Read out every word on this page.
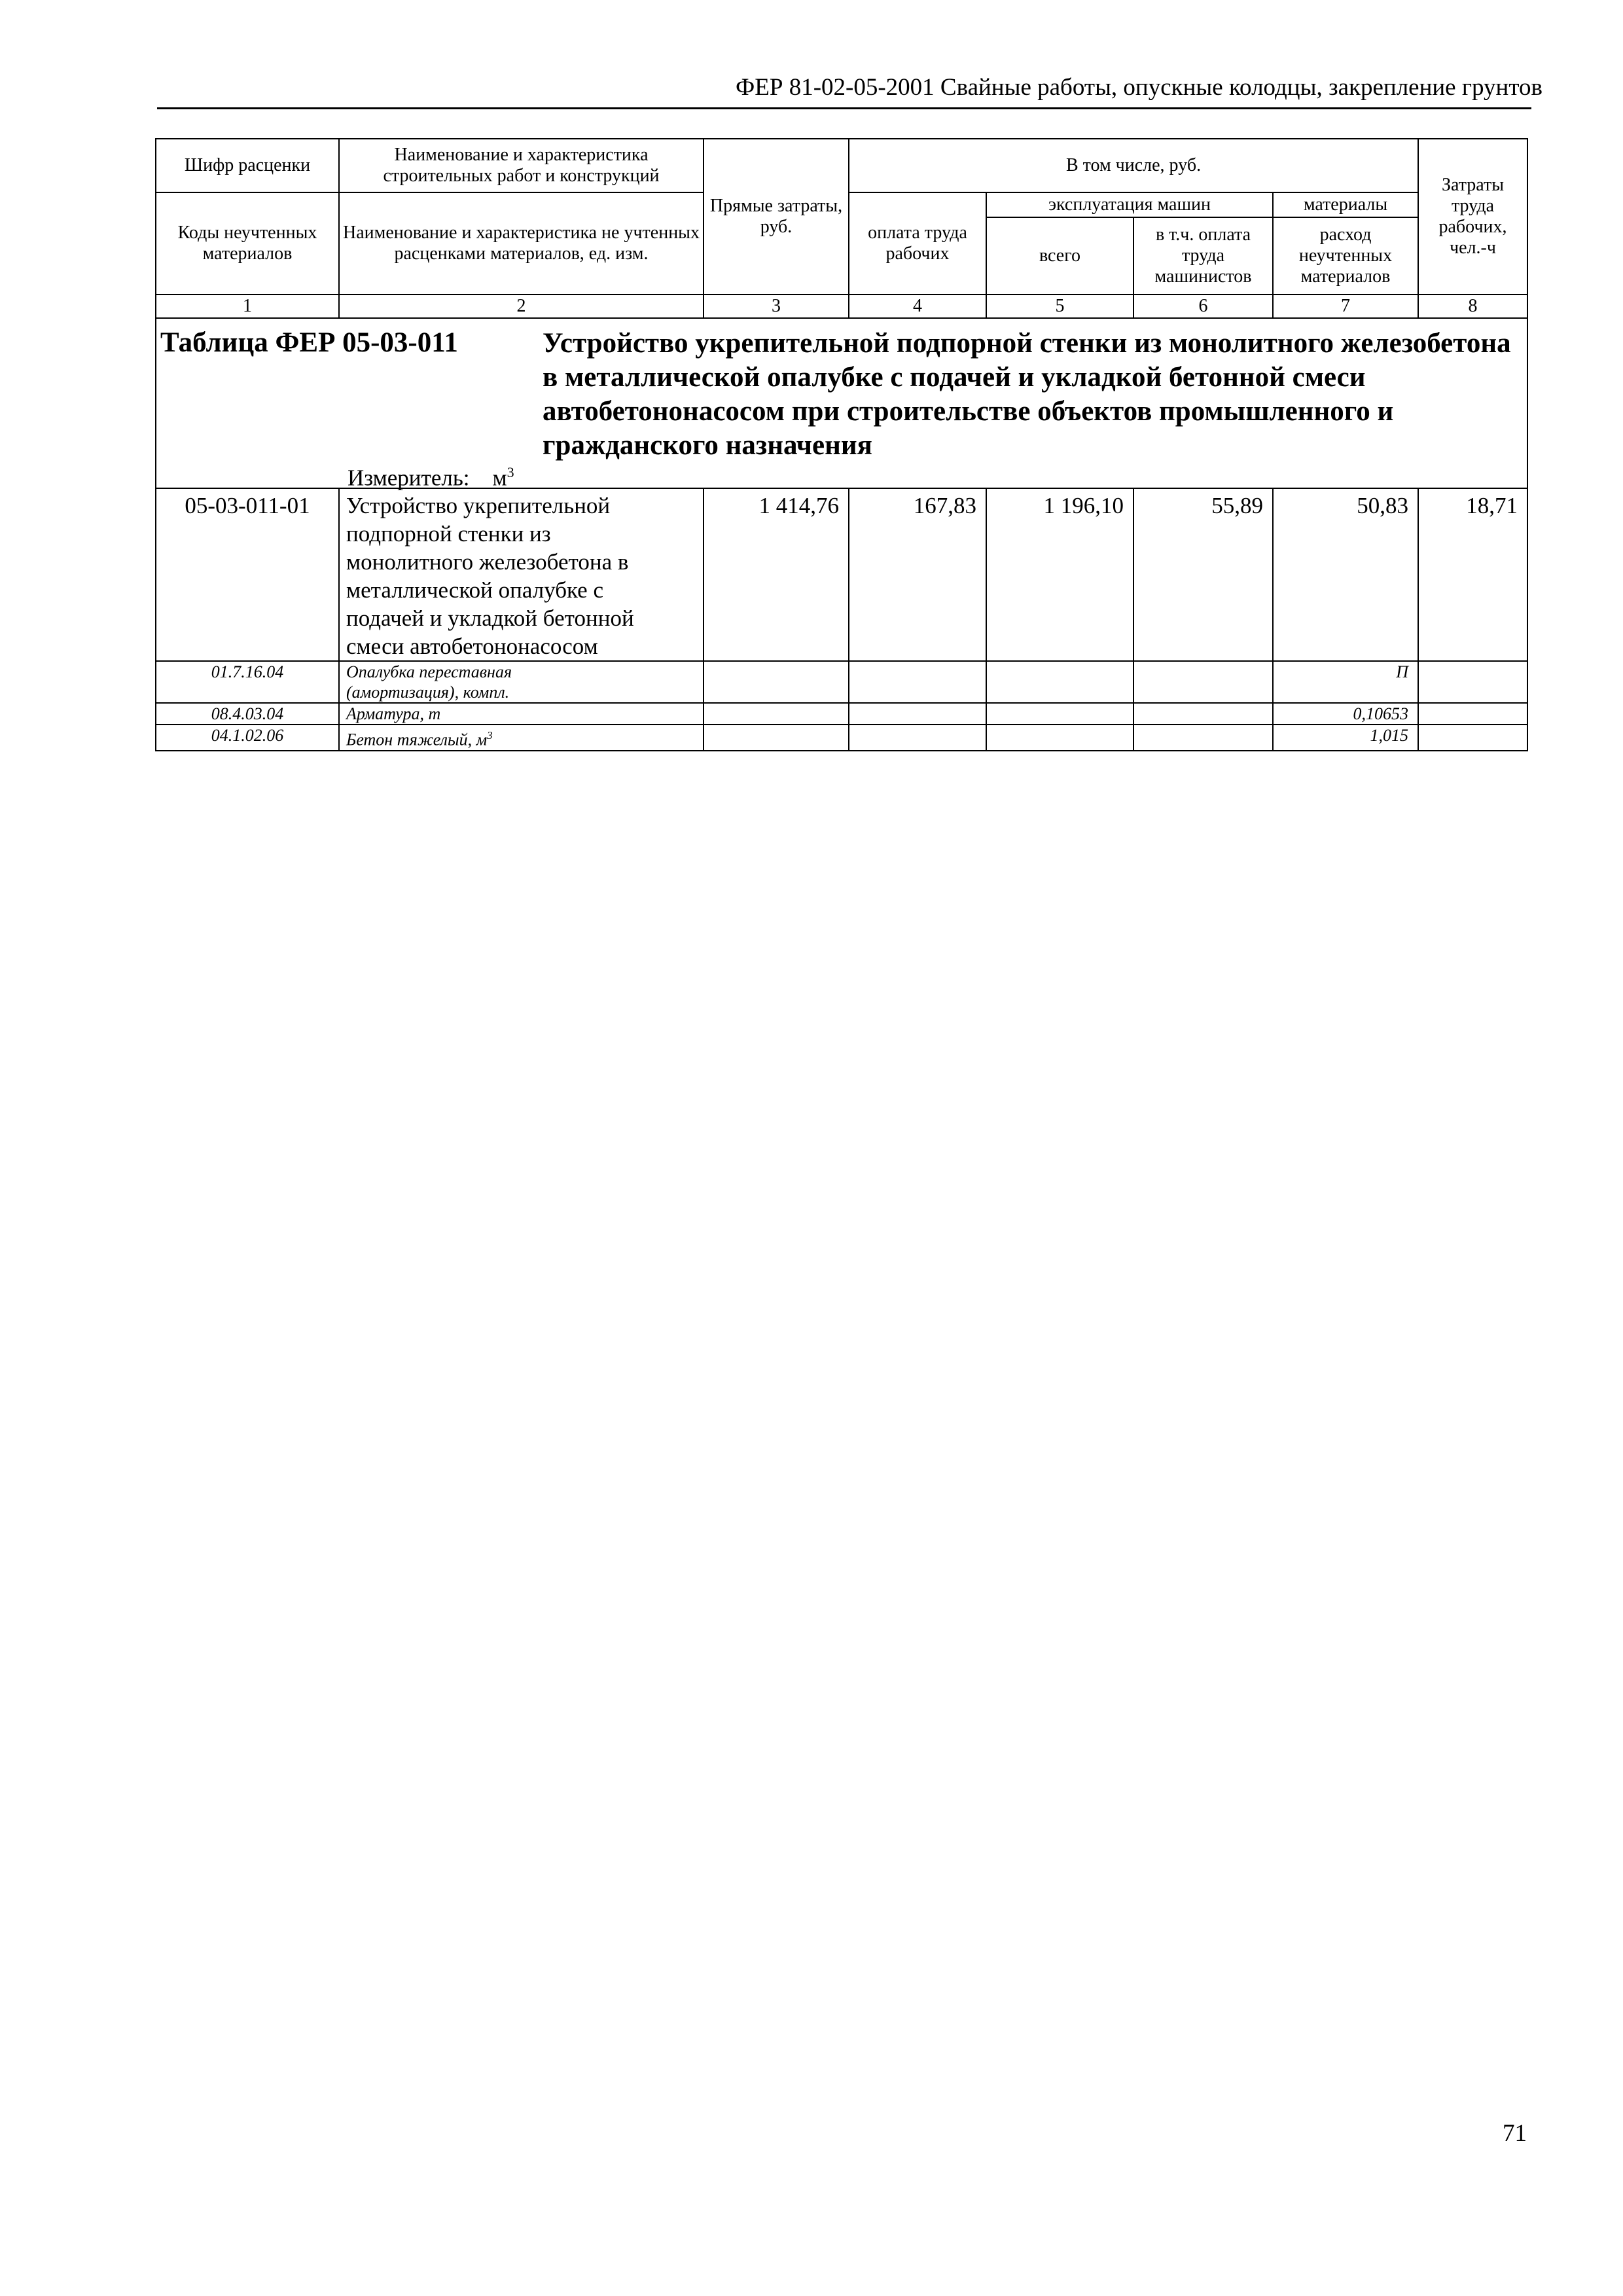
ФЕР 81-02-05-2001 Свайные работы, опускные колодцы, закрепление грунтов
Шифр расценки	Наименование и характеристика строительных работ и конструкций	Прямые затраты, руб.	В том числе, руб.				Затраты труда рабочих, чел.-ч
Коды неучтенных материалов	Наименование и характеристика не учтенных расценками материалов, ед. изм.		оплата труда рабочих	эксплуатация машин		материалы	
				всего	в т.ч. оплата труда машинистов	расход неучтенных материалов	
1	2	3	4	5	6	7	8

Таблица ФЕР 05-03-011 Устройство укрепительной подпорной стенки из монолитного железобетона в металлической опалубке с подачей и укладкой бетонной смеси автобетононасосом при строительстве объектов промышленного и гражданского назначения
Измеритель: $м^3$

05-03-011-01	Устройство укрепительной подпорной стенки из монолитного железобетона в металлической опалубке с подачей и укладкой бетонной смеси автобетононасосом	1 414,76	167,83	1 196,10	55,89	50,83	18,71
01.7.16.04	Опалубка переставная (амортизация), компл.					П	
08.4.03.04	Арматура, т					0,10653	
04.1.02.06	Бетон тяжелый, $м^3$					1,015	
71
